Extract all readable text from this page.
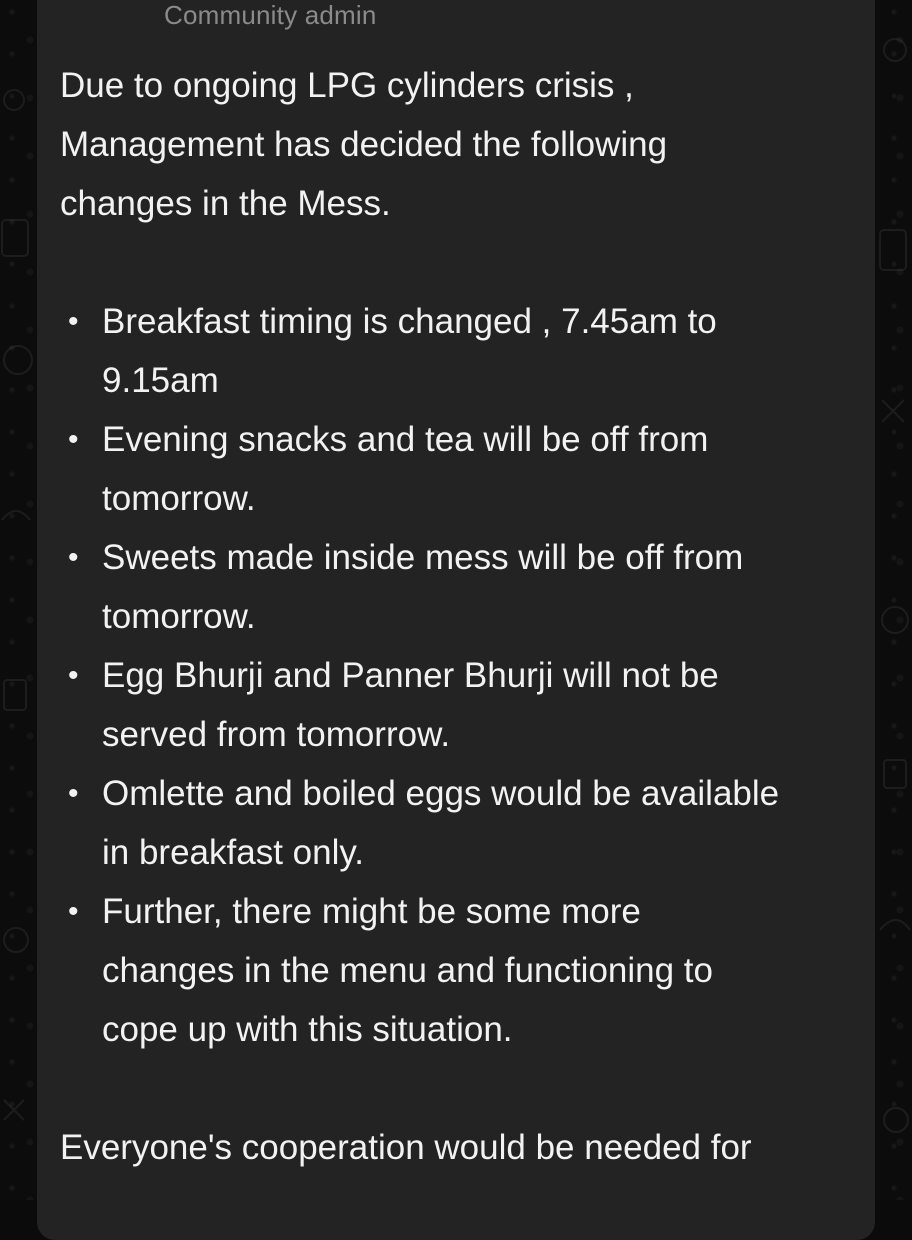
Community admin

Due to ongoing LPG cylinders crisis ,
Management has decided the following
changes in the Mess.

• Breakfast timing is changed , 7.45am to
9.15am
• Evening snacks and tea will be off from
tomorrow.
• Sweets made inside mess will be off from
tomorrow.
• Egg Bhurji and Panner Bhurji will not be
served from tomorrow.
• Omlette and boiled eggs would be available
in breakfast only.
• Further, there might be some more
changes in the menu and functioning to
cope up with this situation.

Everyone's cooperation would be needed for
